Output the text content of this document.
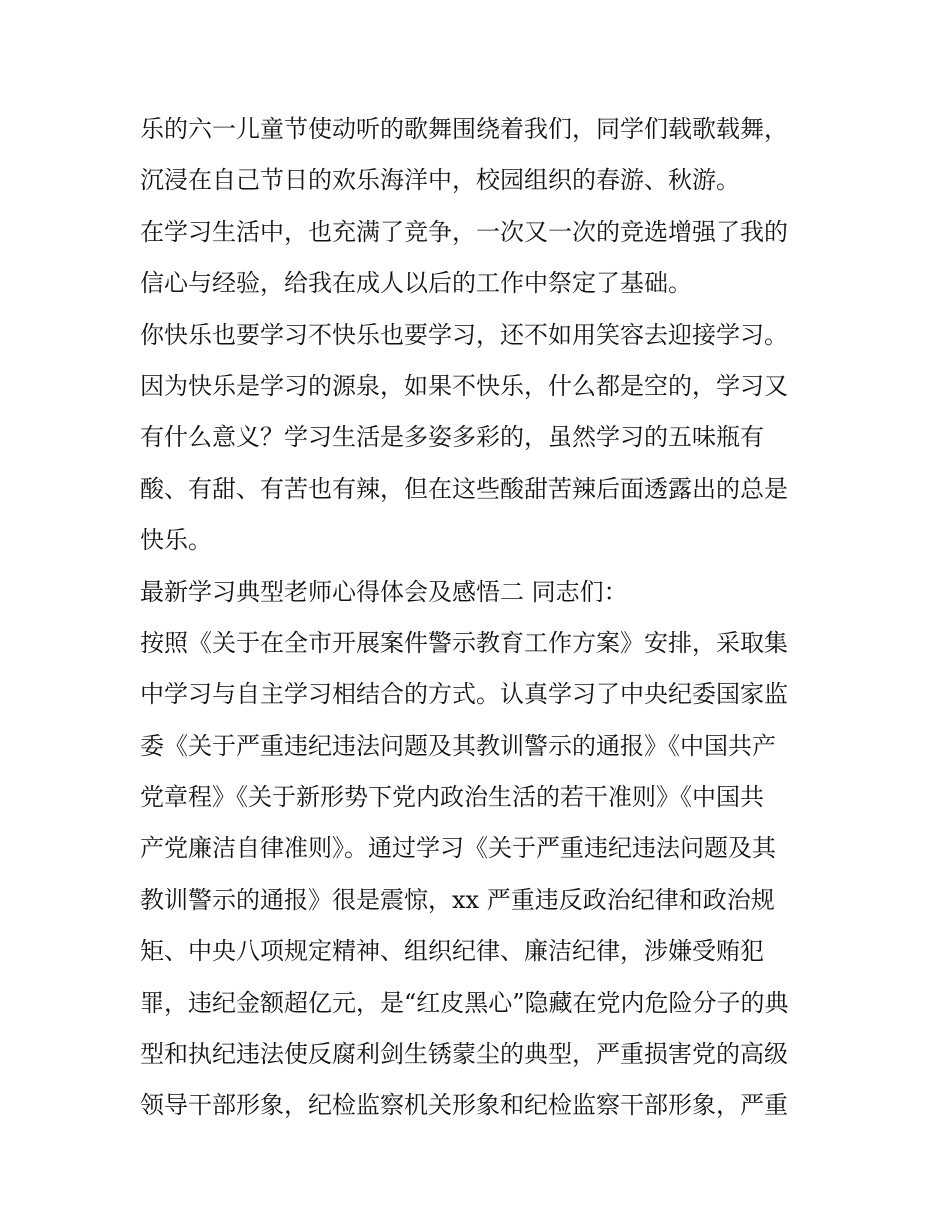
乐的六一儿童节使动听的歌舞围绕着我们，同学们载歌载舞，
沉浸在自己节日的欢乐海洋中，校园组织的春游、秋游。
在学习生活中，也充满了竞争，一次又一次的竞选增强了我的
信心与经验，给我在成人以后的工作中祭定了基础。
你快乐也要学习不快乐也要学习，还不如用笑容去迎接学习。
因为快乐是学习的源泉，如果不快乐，什么都是空的，学习又
有什么意义？学习生活是多姿多彩的，虽然学习的五味瓶有
酸、有甜、有苦也有辣，但在这些酸甜苦辣后面透露出的总是
快乐。
最新学习典型老师心得体会及感悟二 同志们：
按照《关于在全市开展案件警示教育工作方案》安排，采取集
中学习与自主学习相结合的方式。认真学习了中央纪委国家监
委《关于严重违纪违法问题及其教训警示的通报》《中国共产
党章程》《关于新形势下党内政治生活的若干准则》《中国共
产党廉洁自律准则》。通过学习《关于严重违纪违法问题及其
教训警示的通报》很是震惊，xx 严重违反政治纪律和政治规
矩、中央八项规定精神、组织纪律、廉洁纪律，涉嫌受贿犯
罪，违纪金额超亿元，是“红皮黑心”隐藏在党内危险分子的典
型和执纪违法使反腐利剑生锈蒙尘的典型，严重损害党的高级
领导干部形象，纪检监察机关形象和纪检监察干部形象，严重
